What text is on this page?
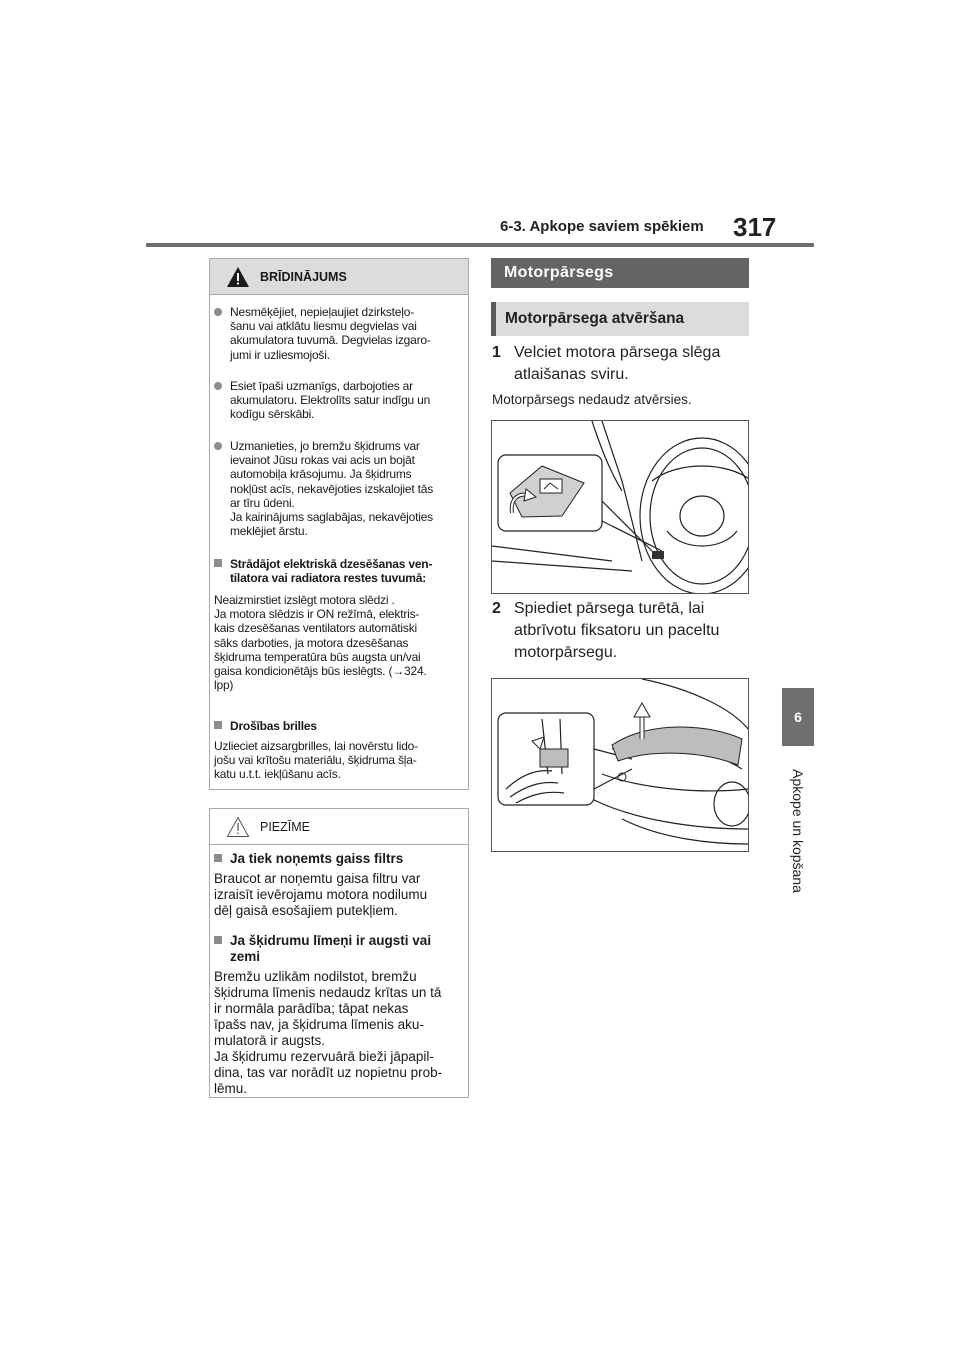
6-3. Apkope saviem spēkiem 317
6
Apkope un kopšana
BRĪDINĀJUMS
Nesmēķējiet, nepieļaujiet dzirksteļo-
šanu vai atklātu liesmu degvielas vai
akumulatora tuvumā. Degvielas izgaro-
jumi ir uzliesmojoši.
Esiet īpaši uzmanīgs, darbojoties ar
akumulatoru. Elektrolīts satur indīgu un
kodīgu sērskābi.
Uzmanieties, jo bremžu šķidrums var
ievainot Jūsu rokas vai acis un bojāt
automobiļa krāsojumu. Ja šķidrums
nokļūst acīs, nekavējoties izskalojiet tās
ar tīru ūdeni.
Ja kairinājums saglabājas, nekavējoties
meklējiet ārstu.
Strādājot elektriskā dzesēšanas ven-
tilatora vai radiatora restes tuvumā:
Neaizmirstiet izslēgt motora slēdzi .
Ja motora slēdzis ir ON režīmā, elektris-
kais dzesēšanas ventilators automātiski
sāks darboties, ja motora dzesēšanas
šķidruma temperatūra būs augsta un/vai
gaisa kondicionētājs būs ieslēgts. (→324.
lpp)
Drošības brilles
Uzlieciet aizsargbrilles, lai novērstu lido-
jošu vai krītošu materiālu, šķidruma šļa-
katu u.t.t. iekļūšanu acīs.
PIEZĪME
Ja tiek noņemts gaiss filtrs
Braucot ar noņemtu gaisa filtru var
izraisīt ievērojamu motora nodilumu
dēļ gaisā esošajiem putekļiem.
Ja šķidrumu līmeņi ir augsti vai
zemi
Bremžu uzlikām nodilstot, bremžu
šķidruma līmenis nedaudz krītas un tā
ir normāla parādība; tāpat nekas
īpašs nav, ja šķidruma līmenis aku-
mulatorā ir augsts.
Ja šķidrumu rezervuārā bieži jāpapil-
dina, tas var norādīt uz nopietnu prob-
lēmu.
Motorpārsegs
Motorpārsega atvēršana
1 Velciet motora pārsega slēga
atlaišanas sviru.
Motorpārsegs nedaudz atvērsies.
2 Spiediet pārsega turētā, lai
atbrīvotu fiksatoru un paceltu
motorpārsegu.
